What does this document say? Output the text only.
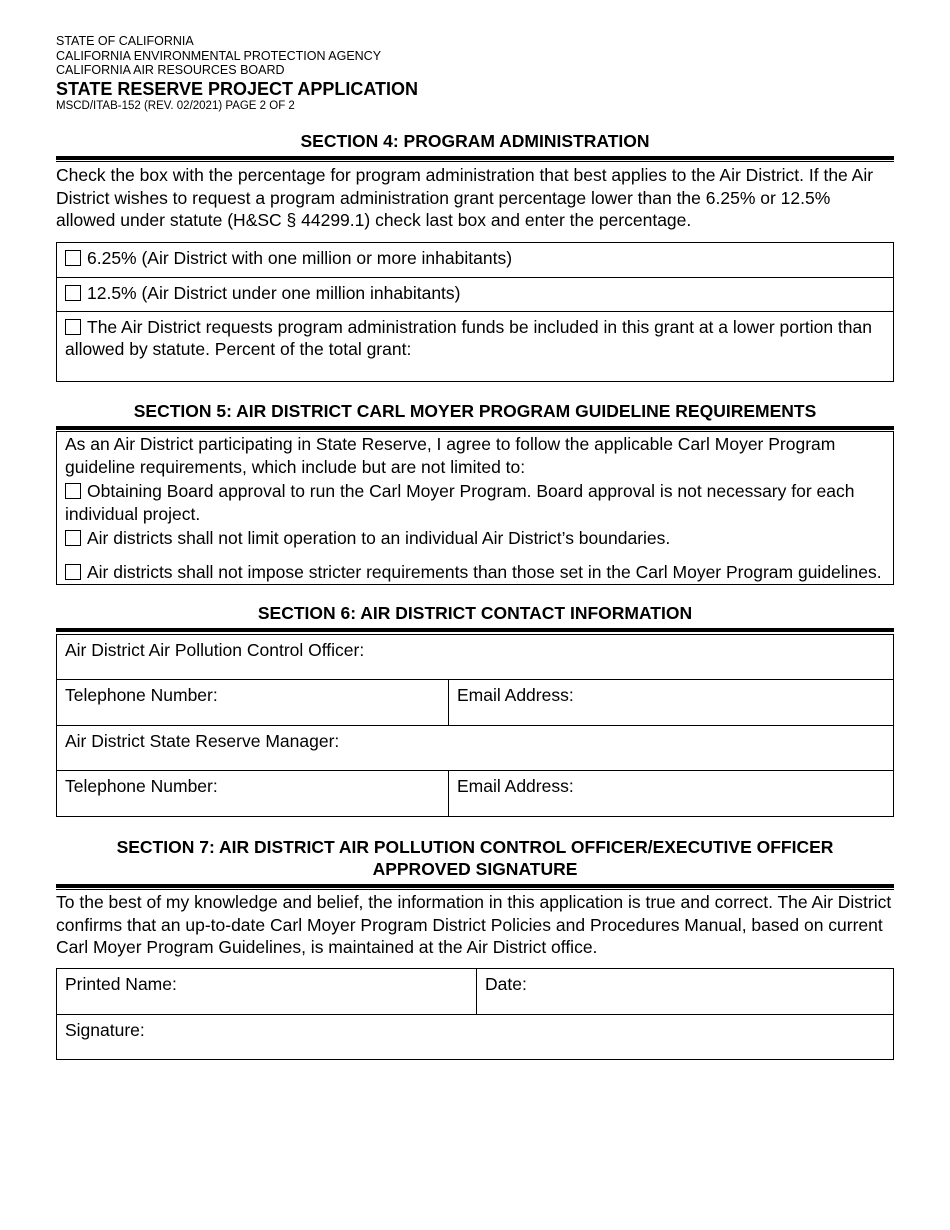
STATE OF CALIFORNIA
CALIFORNIA ENVIRONMENTAL PROTECTION AGENCY
CALIFORNIA AIR RESOURCES BOARD
STATE RESERVE PROJECT APPLICATION
MSCD/ITAB-152 (REV. 02/2021) PAGE 2 OF 2
SECTION 4: PROGRAM ADMINISTRATION
Check the box with the percentage for program administration that best applies to the Air District. If the Air District wishes to request a program administration grant percentage lower than the 6.25% or 12.5% allowed under statute (H&SC § 44299.1) check last box and enter the percentage.
6.25% (Air District with one million or more inhabitants)
12.5% (Air District under one million inhabitants)
The Air District requests program administration funds be included in this grant at a lower portion than allowed by statute. Percent of the total grant:
SECTION 5: AIR DISTRICT CARL MOYER PROGRAM GUIDELINE REQUIREMENTS
As an Air District participating in State Reserve, I agree to follow the applicable Carl Moyer Program guideline requirements, which include but are not limited to:
Obtaining Board approval to run the Carl Moyer Program. Board approval is not necessary for each individual project.
Air districts shall not limit operation to an individual Air District’s boundaries.
Air districts shall not impose stricter requirements than those set in the Carl Moyer Program guidelines.
SECTION 6: AIR DISTRICT CONTACT INFORMATION
Air District Air Pollution Control Officer:
Telephone Number:	Email Address:
Air District State Reserve Manager:
Telephone Number:	Email Address:
SECTION 7: AIR DISTRICT AIR POLLUTION CONTROL OFFICER/EXECUTIVE OFFICER
APPROVED SIGNATURE
To the best of my knowledge and belief, the information in this application is true and correct. The Air District confirms that an up-to-date Carl Moyer Program District Policies and Procedures Manual, based on current Carl Moyer Program Guidelines, is maintained at the Air District office.
Printed Name:	Date:
Signature:
